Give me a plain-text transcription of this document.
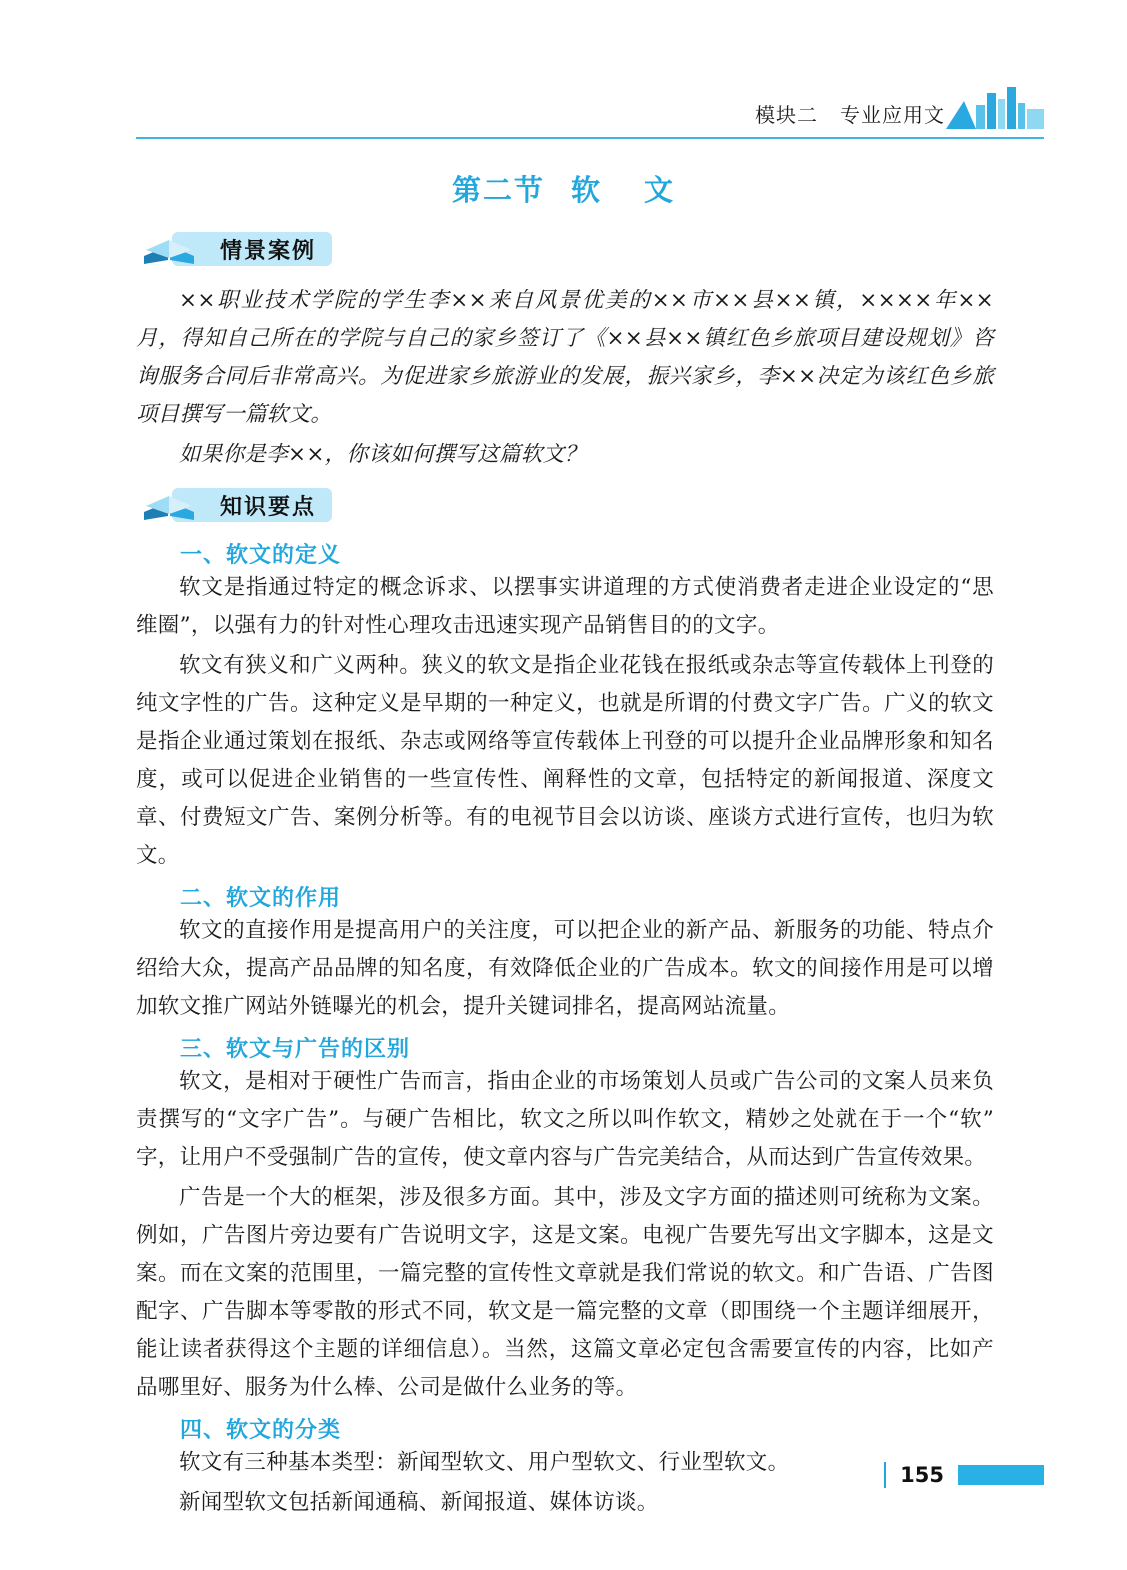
模块二 专业应用文
第二节 软 文
情景案例

××职业技术学院的学生李××来自风景优美的××市××县××镇，××××年××月，得知自己所在的学院与自己的家乡签订了《××县××镇红色乡旅项目建设规划》咨询服务合同后非常高兴。为促进家乡旅游业的发展，振兴家乡，李××决定为该红色乡旅项目撰写一篇软文。

如果你是李××，你该如何撰写这篇软文？

知识要点
一、软文的定义

软文是指通过特定的概念诉求、以摆事实讲道理的方式使消费者走进企业设定的“思维圈”，以强有力的针对性心理攻击迅速实现产品销售目的的文字。

软文有狭义和广义两种。狭义的软文是指企业花钱在报纸或杂志等宣传载体上刊登的纯文字性的广告。这种定义是早期的一种定义，也就是所谓的付费文字广告。广义的软文是指企业通过策划在报纸、杂志或网络等宣传载体上刊登的可以提升企业品牌形象和知名度，或可以促进企业销售的一些宣传性、阐释性的文章，包括特定的新闻报道、深度文章、付费短文广告、案例分析等。有的电视节目会以访谈、座谈方式进行宣传，也归为软文。

二、软文的作用

软文的直接作用是提高用户的关注度，可以把企业的新产品、新服务的功能、特点介绍给大众，提高产品品牌的知名度，有效降低企业的广告成本。软文的间接作用是可以增加软文推广网站外链曝光的机会，提升关键词排名，提高网站流量。

三、软文与广告的区别

软文，是相对于硬性广告而言，指由企业的市场策划人员或广告公司的文案人员来负责撰写的“文字广告”。与硬广告相比，软文之所以叫作软文，精妙之处就在于一个“软”字，让用户不受强制广告的宣传，使文章内容与广告完美结合，从而达到广告宣传效果。

广告是一个大的框架，涉及很多方面。其中，涉及文字方面的描述则可统称为文案。例如，广告图片旁边要有广告说明文字，这是文案。电视广告要先写出文字脚本，这是文案。而在文案的范围里，一篇完整的宣传性文章就是我们常说的软文。和广告语、广告图配字、广告脚本等零散的形式不同，软文是一篇完整的文章（即围绕一个主题详细展开，能让读者获得这个主题的详细信息）。当然，这篇文章必定包含需要宣传的内容，比如产品哪里好、服务为什么棒、公司是做什么业务的等。

四、软文的分类

软文有三种基本类型：新闻型软文、用户型软文、行业型软文。

新闻型软文包括新闻通稿、新闻报道、媒体访谈。

155
